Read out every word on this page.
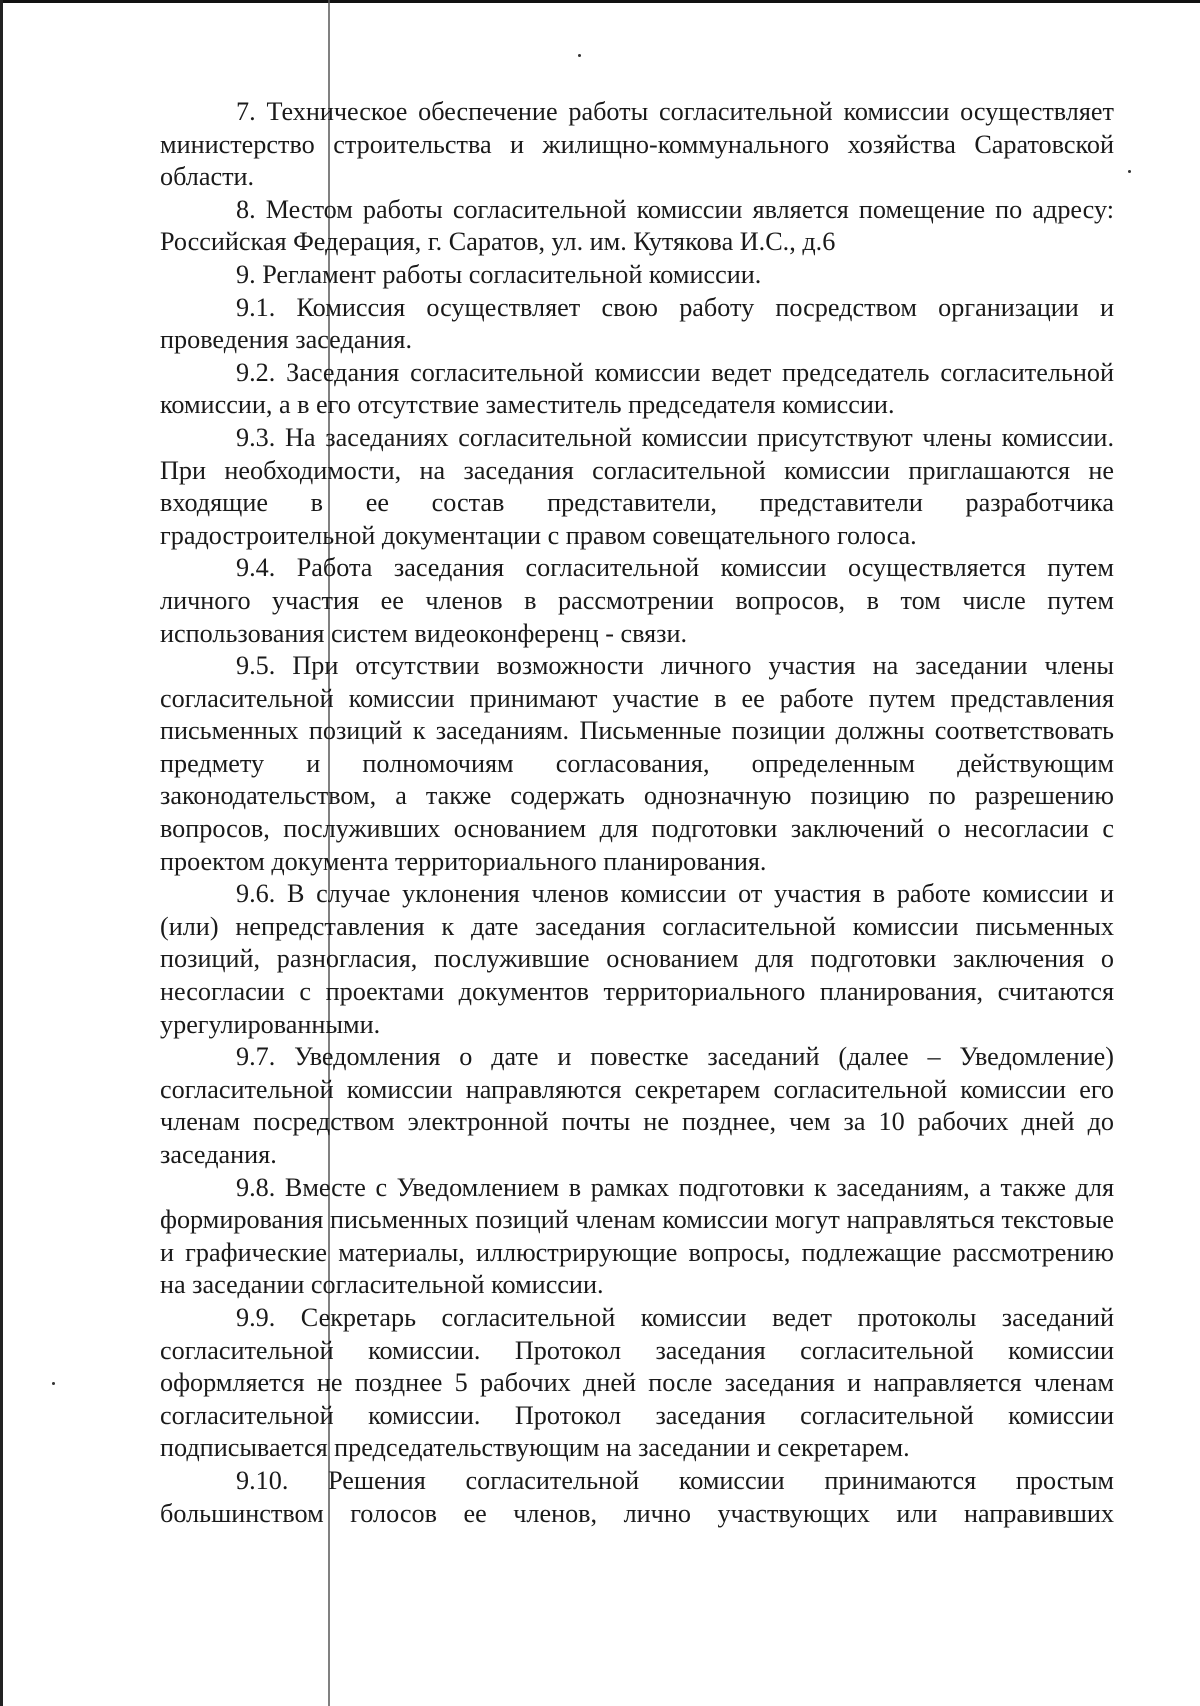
7. Техническое обеспечение работы согласительной комиссии осуществляет министерство строительства и жилищно-коммунального хозяйства Саратовской области.

8. Местом работы согласительной комиссии является помещение по адресу: Российская Федерация, г. Саратов, ул. им. Кутякова И.С., д.6

9. Регламент работы согласительной комиссии.

9.1. Комиссия осуществляет свою работу посредством организации и проведения заседания.

9.2. Заседания согласительной комиссии ведет председатель согласительной комиссии, а в его отсутствие заместитель председателя комиссии.

9.3. На заседаниях согласительной комиссии присутствуют члены комиссии. При необходимости, на заседания согласительной комиссии приглашаются не входящие в ее состав представители, представители разработчика градостроительной документации с правом совещательного голоса.

9.4. Работа заседания согласительной комиссии осуществляется путем личного участия ее членов в рассмотрении вопросов, в том числе путем использования систем видеоконференц - связи.

9.5. При отсутствии возможности личного участия на заседании члены согласительной комиссии принимают участие в ее работе путем представления письменных позиций к заседаниям. Письменные позиции должны соответствовать предмету и полномочиям согласования, определенным действующим законодательством, а также содержать однозначную позицию по разрешению вопросов, послуживших основанием для подготовки заключений о несогласии с проектом документа территориального планирования.

9.6. В случае уклонения членов комиссии от участия в работе комиссии и (или) непредставления к дате заседания согласительной комиссии письменных позиций, разногласия, послужившие основанием для подготовки заключения о несогласии с проектами документов территориального планирования, считаются урегулированными.

9.7. Уведомления о дате и повестке заседаний (далее – Уведомление) согласительной комиссии направляются секретарем согласительной комиссии его членам посредством электронной почты не позднее, чем за 10 рабочих дней до заседания.

9.8. Вместе с Уведомлением в рамках подготовки к заседаниям, а также для формирования письменных позиций членам комиссии могут направляться текстовые и графические материалы, иллюстрирующие вопросы, подлежащие рассмотрению на заседании согласительной комиссии.

9.9. Секретарь согласительной комиссии ведет протоколы заседаний согласительной комиссии. Протокол заседания согласительной комиссии оформляется не позднее 5 рабочих дней после заседания и направляется членам согласительной комиссии. Протокол заседания согласительной комиссии подписывается председательствующим на заседании и секретарем.

9.10. Решения согласительной комиссии принимаются простым большинством голосов ее членов, лично участвующих или направивших
